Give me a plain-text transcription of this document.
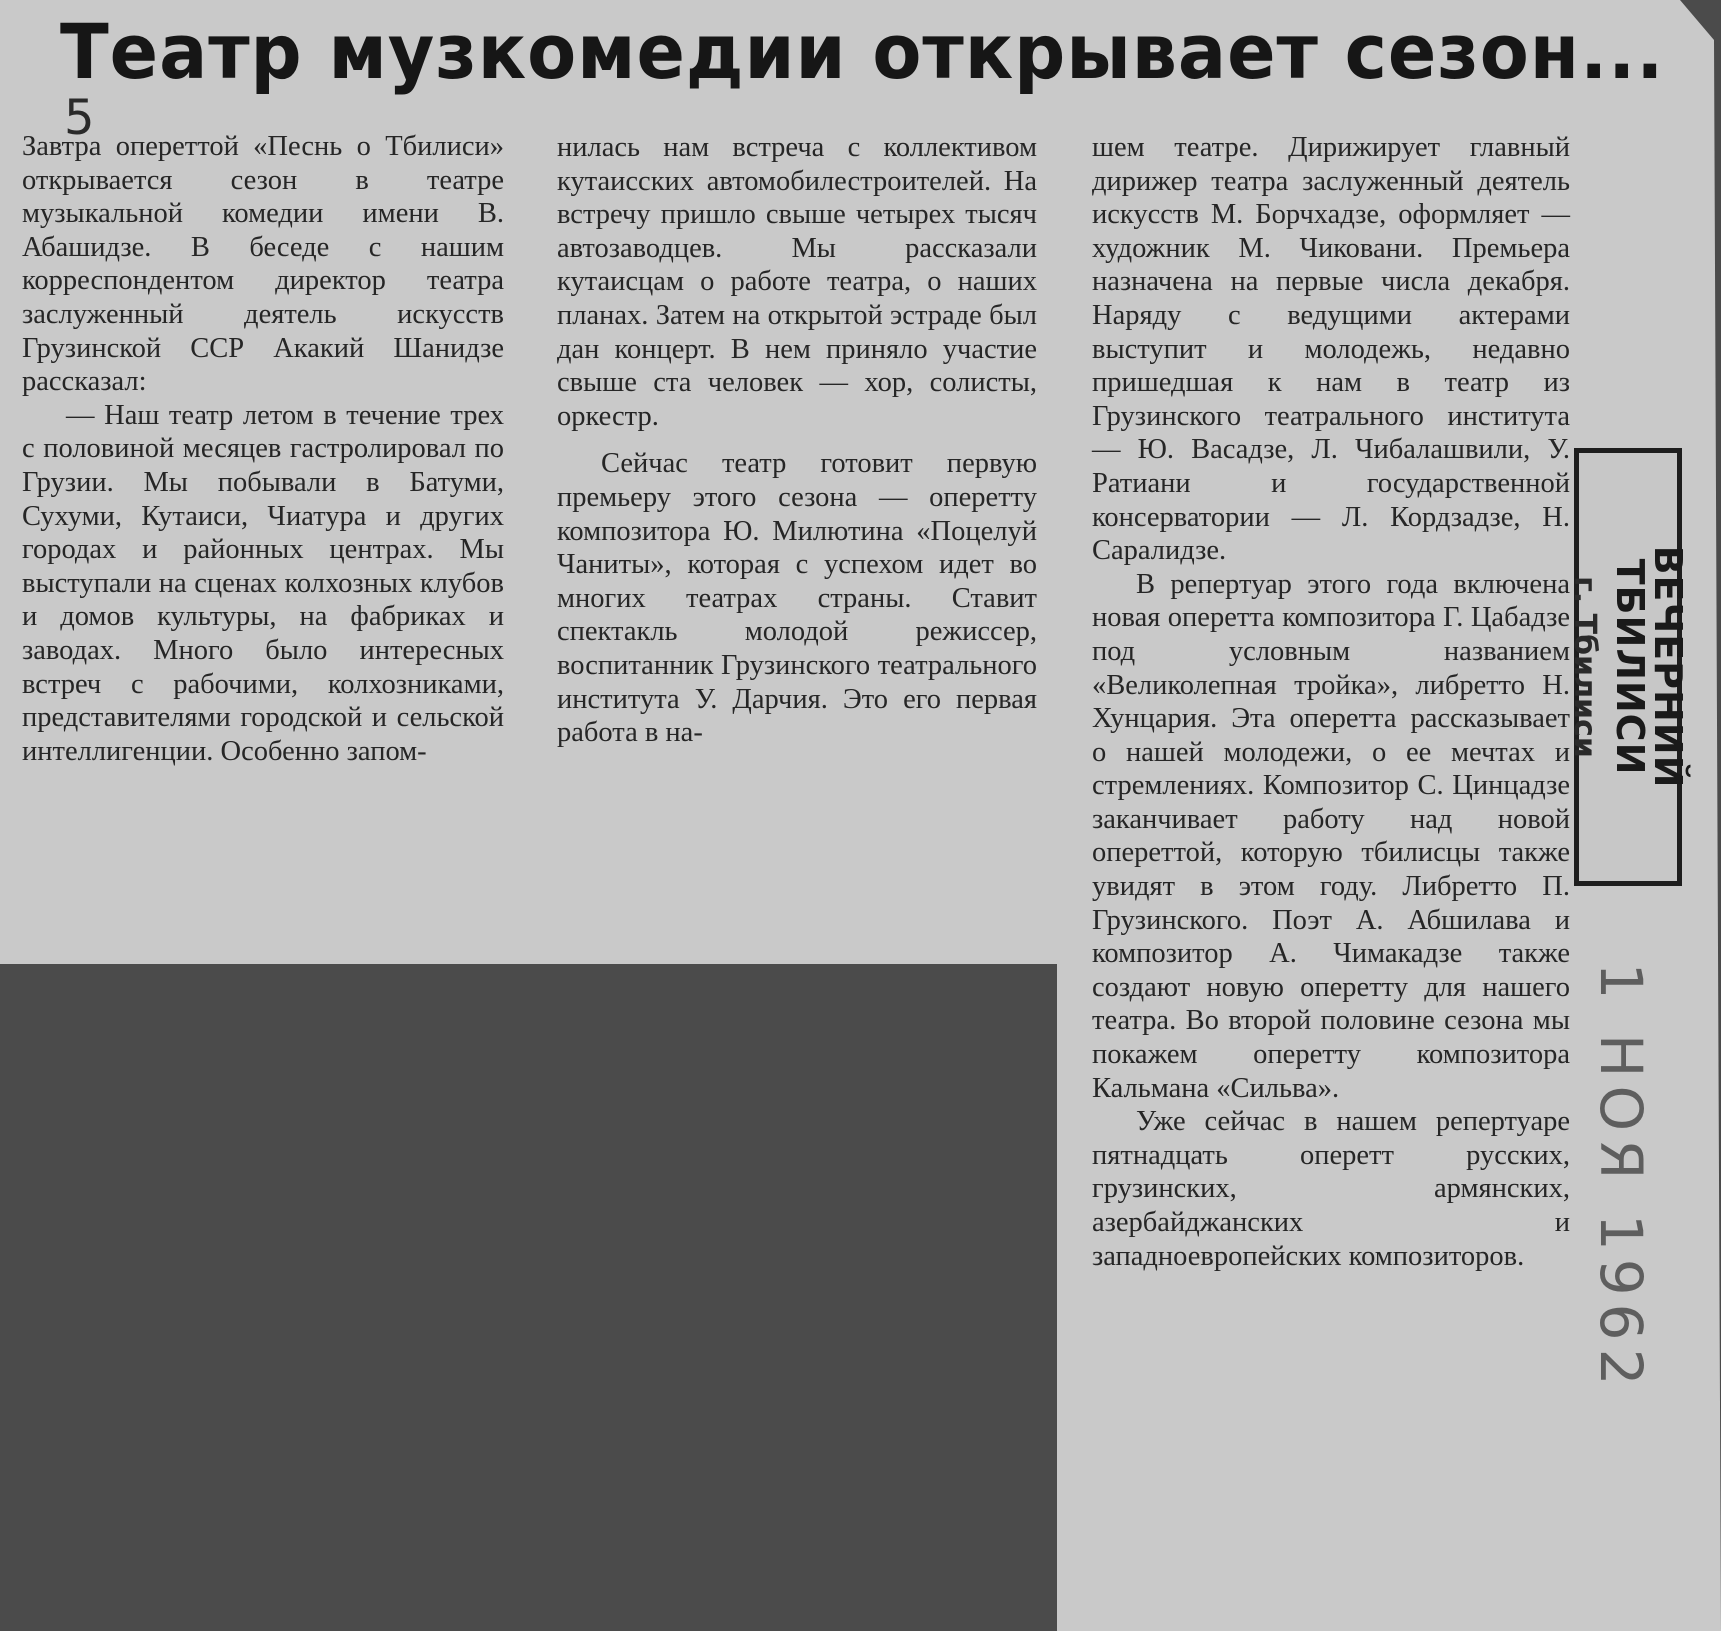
Театр музкомедии открывает сезон...
5

Завтра опереттой «Песнь о Тбилиси» открывается сезон в театре музыкальной комедии имени В. Абашидзе. В беседе с нашим корреспондентом директор театра заслуженный деятель искусств Грузинской ССР Акакий Шанидзе рассказал:

— Наш театр летом в течение трех с половиной месяцев гастролировал по Грузии. Мы побывали в Батуми, Сухуми, Кутаиси, Чиатура и других городах и районных центрах. Мы выступали на сценах колхозных клубов и домов культуры, на фабриках и заводах. Много было интересных встреч с рабочими, колхозниками, представителями городской и сельской интеллигенции. Особенно запом-

нилась нам встреча с коллективом кутаисских автомобилестроителей. На встречу пришло свыше четырех тысяч автозаводцев. Мы рассказали кутаисцам о работе театра, о наших планах. Затем на открытой эстраде был дан концерт. В нем приняло участие свыше ста человек — хор, солисты, оркестр.

Сейчас театр готовит первую премьеру этого сезона — оперетту композитора Ю. Милютина «Поцелуй Чаниты», которая с успехом идет во многих театрах страны. Ставит спектакль молодой режиссер, воспитанник Грузинского театрального института У. Дарчия. Это его первая работа в на-

шем театре. Дирижирует главный дирижер театра заслуженный деятель искусств М. Борчхадзе, оформляет — художник М. Чиковани. Премьера назначена на первые числа декабря. Наряду с ведущими актерами выступит и молодежь, недавно пришедшая к нам в театр из Грузинского театрального института — Ю. Васадзе, Л. Чибалашвили, У. Ратиани и государственной консерватории — Л. Кордзадзе, Н. Саралидзе.

В репертуар этого года включена новая оперетта композитора Г. Цабадзе под условным названием «Великолепная тройка», либретто Н. Хунцария. Эта оперетта рассказывает о нашей молодежи, о ее мечтах и стремлениях. Композитор С. Цинцадзе заканчивает работу над новой опереттой, которую тбилисцы также увидят в этом году. Либретто П. Грузинского. Поэт А. Абшилава и композитор А. Чимакадзе также создают новую оперетту для нашего театра. Во второй половине сезона мы покажем оперетту композитора Кальмана «Сильва».

Уже сейчас в нашем репертуаре пятнадцать оперетт русских, грузинских, армянских, азербайджанских и западноевропейских композиторов.

ВЕЧЕРНИЙ ТБИЛИСИ
г. Тбилиси
1 НОЯ 1962
